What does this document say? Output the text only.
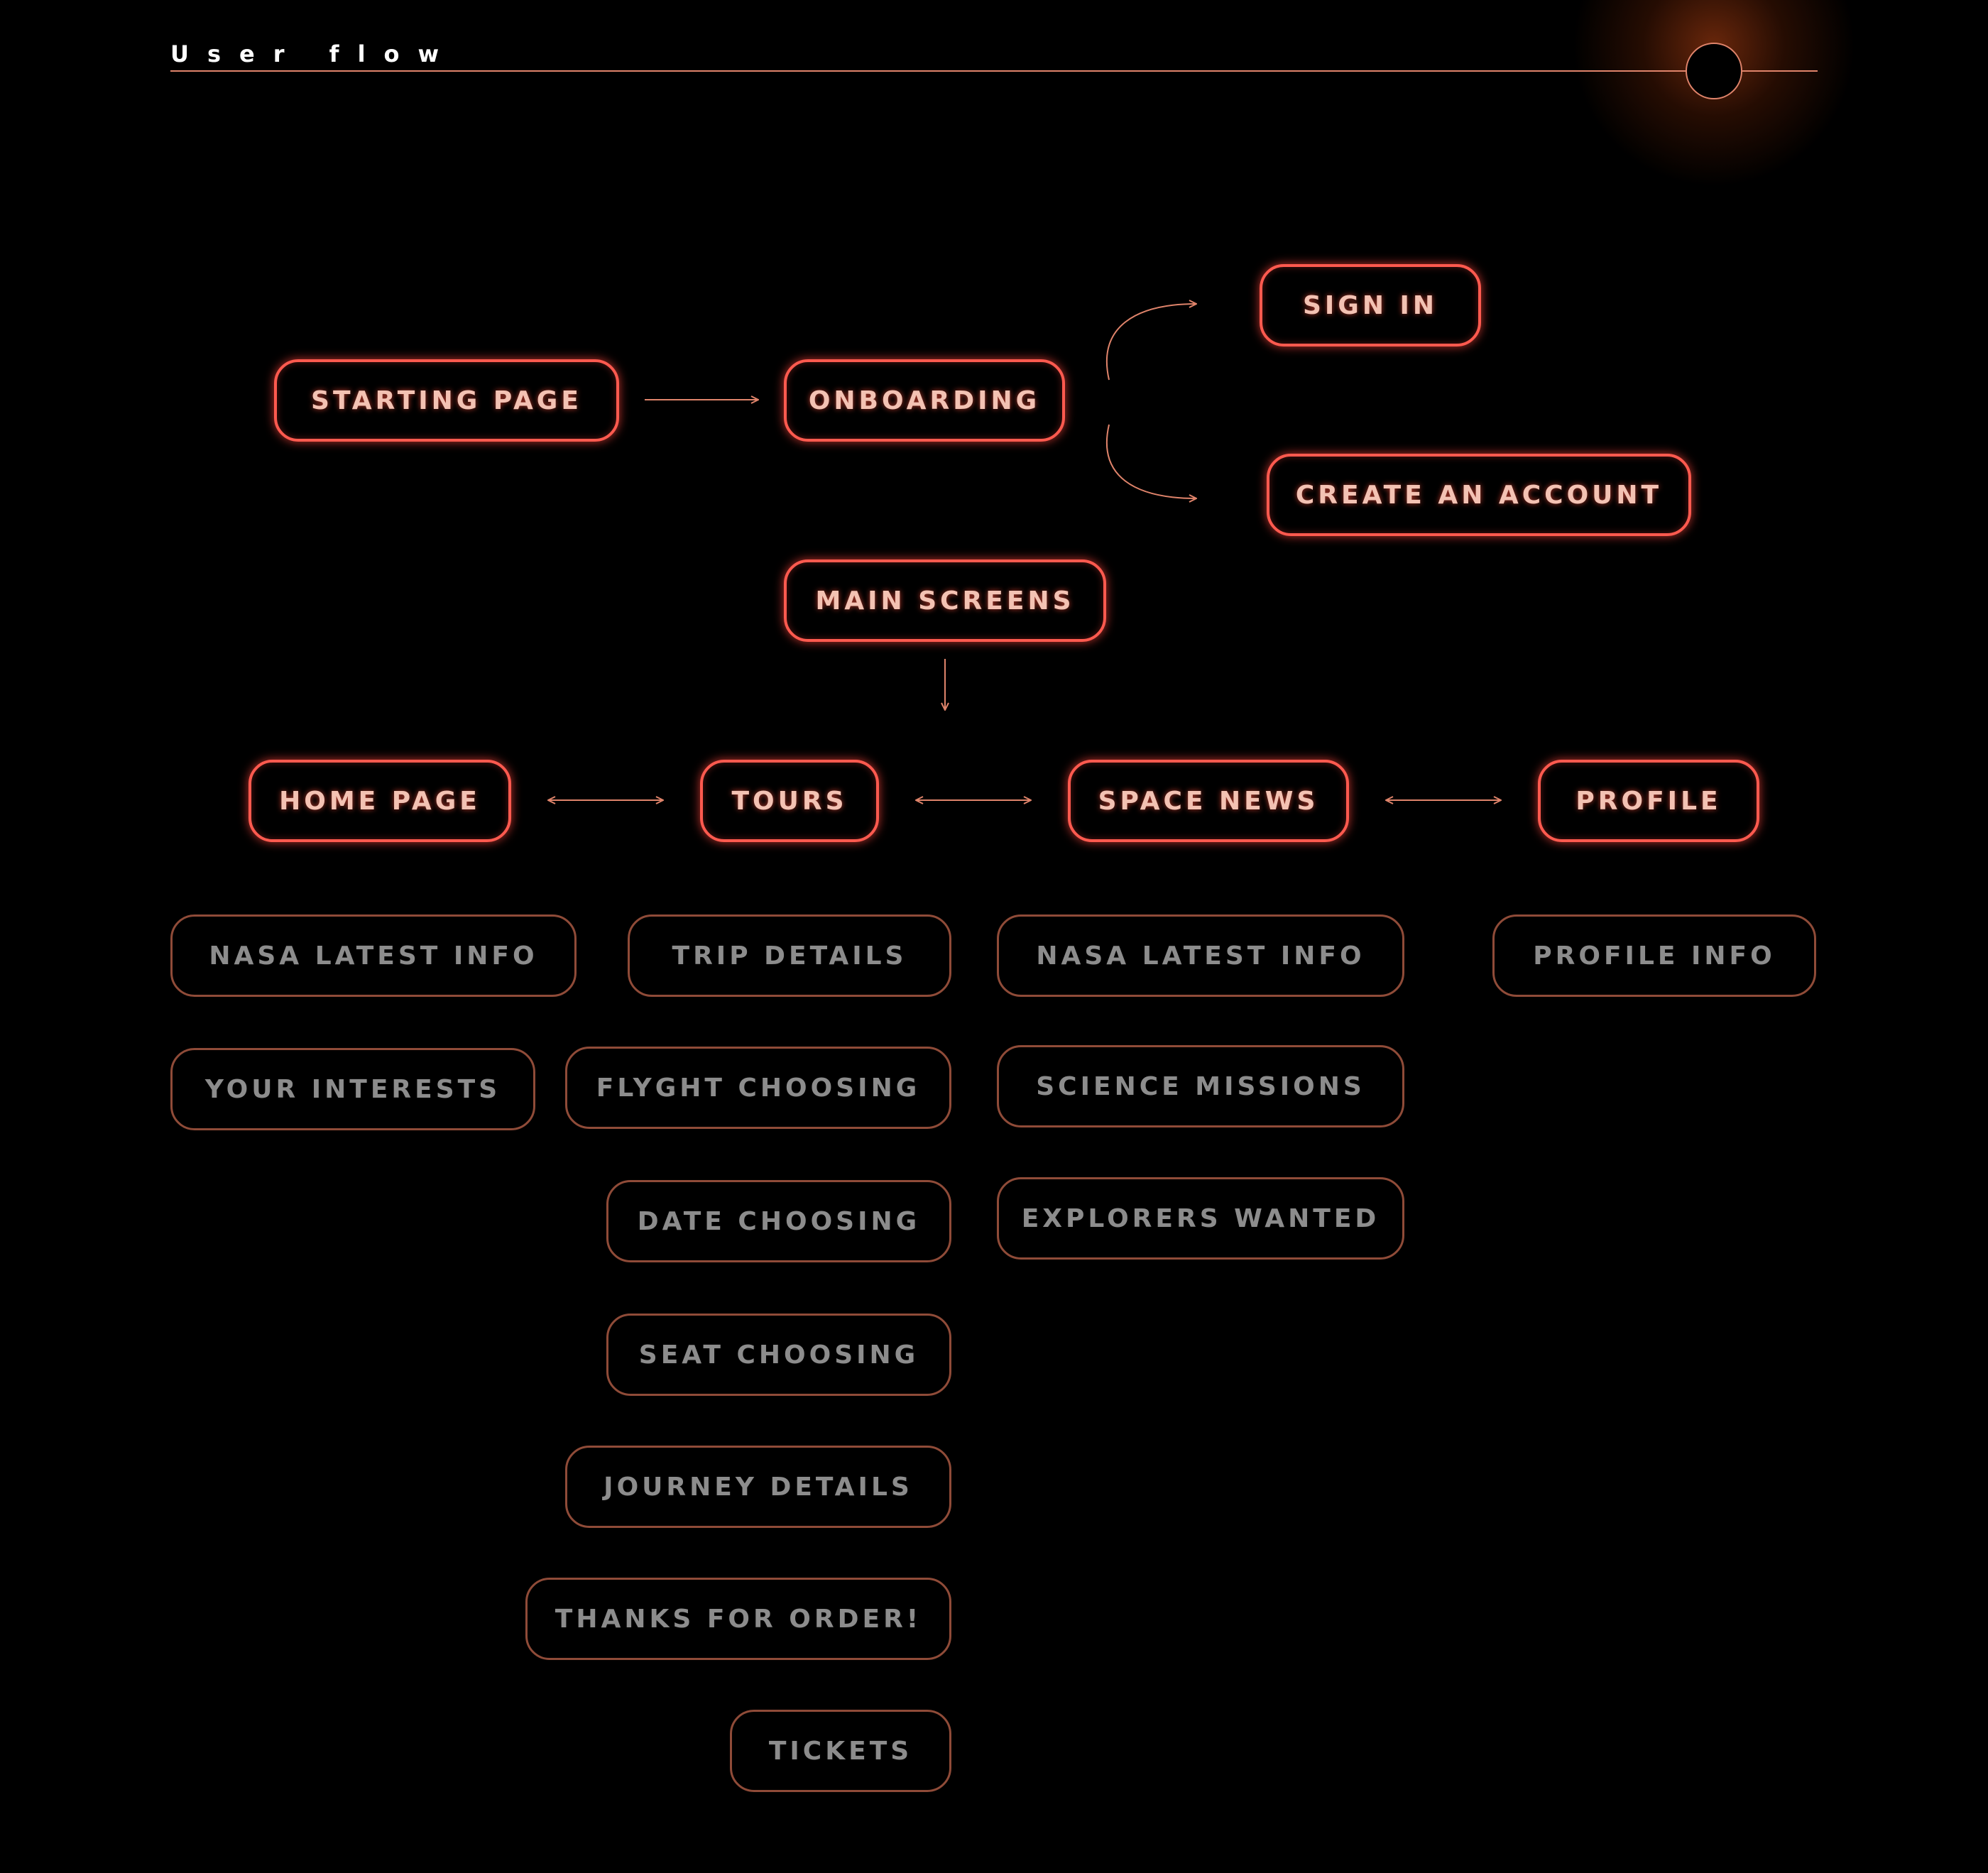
User flow
STARTING PAGE	ONBOARDING
SIGN IN
CREATE AN ACCOUNT
MAIN SCREENS
HOME PAGE	TOURS	SPACE NEWS	PROFILE
NASA LATEST INFO
YOUR INTERESTS
TRIP DETAILS
FLYGHT CHOOSING
DATE CHOOSING
SEAT CHOOSING
JOURNEY DETAILS
THANKS FOR ORDER!
TICKETS
NASA LATEST INFO
SCIENCE MISSIONS
EXPLORERS WANTED
PROFILE INFO
